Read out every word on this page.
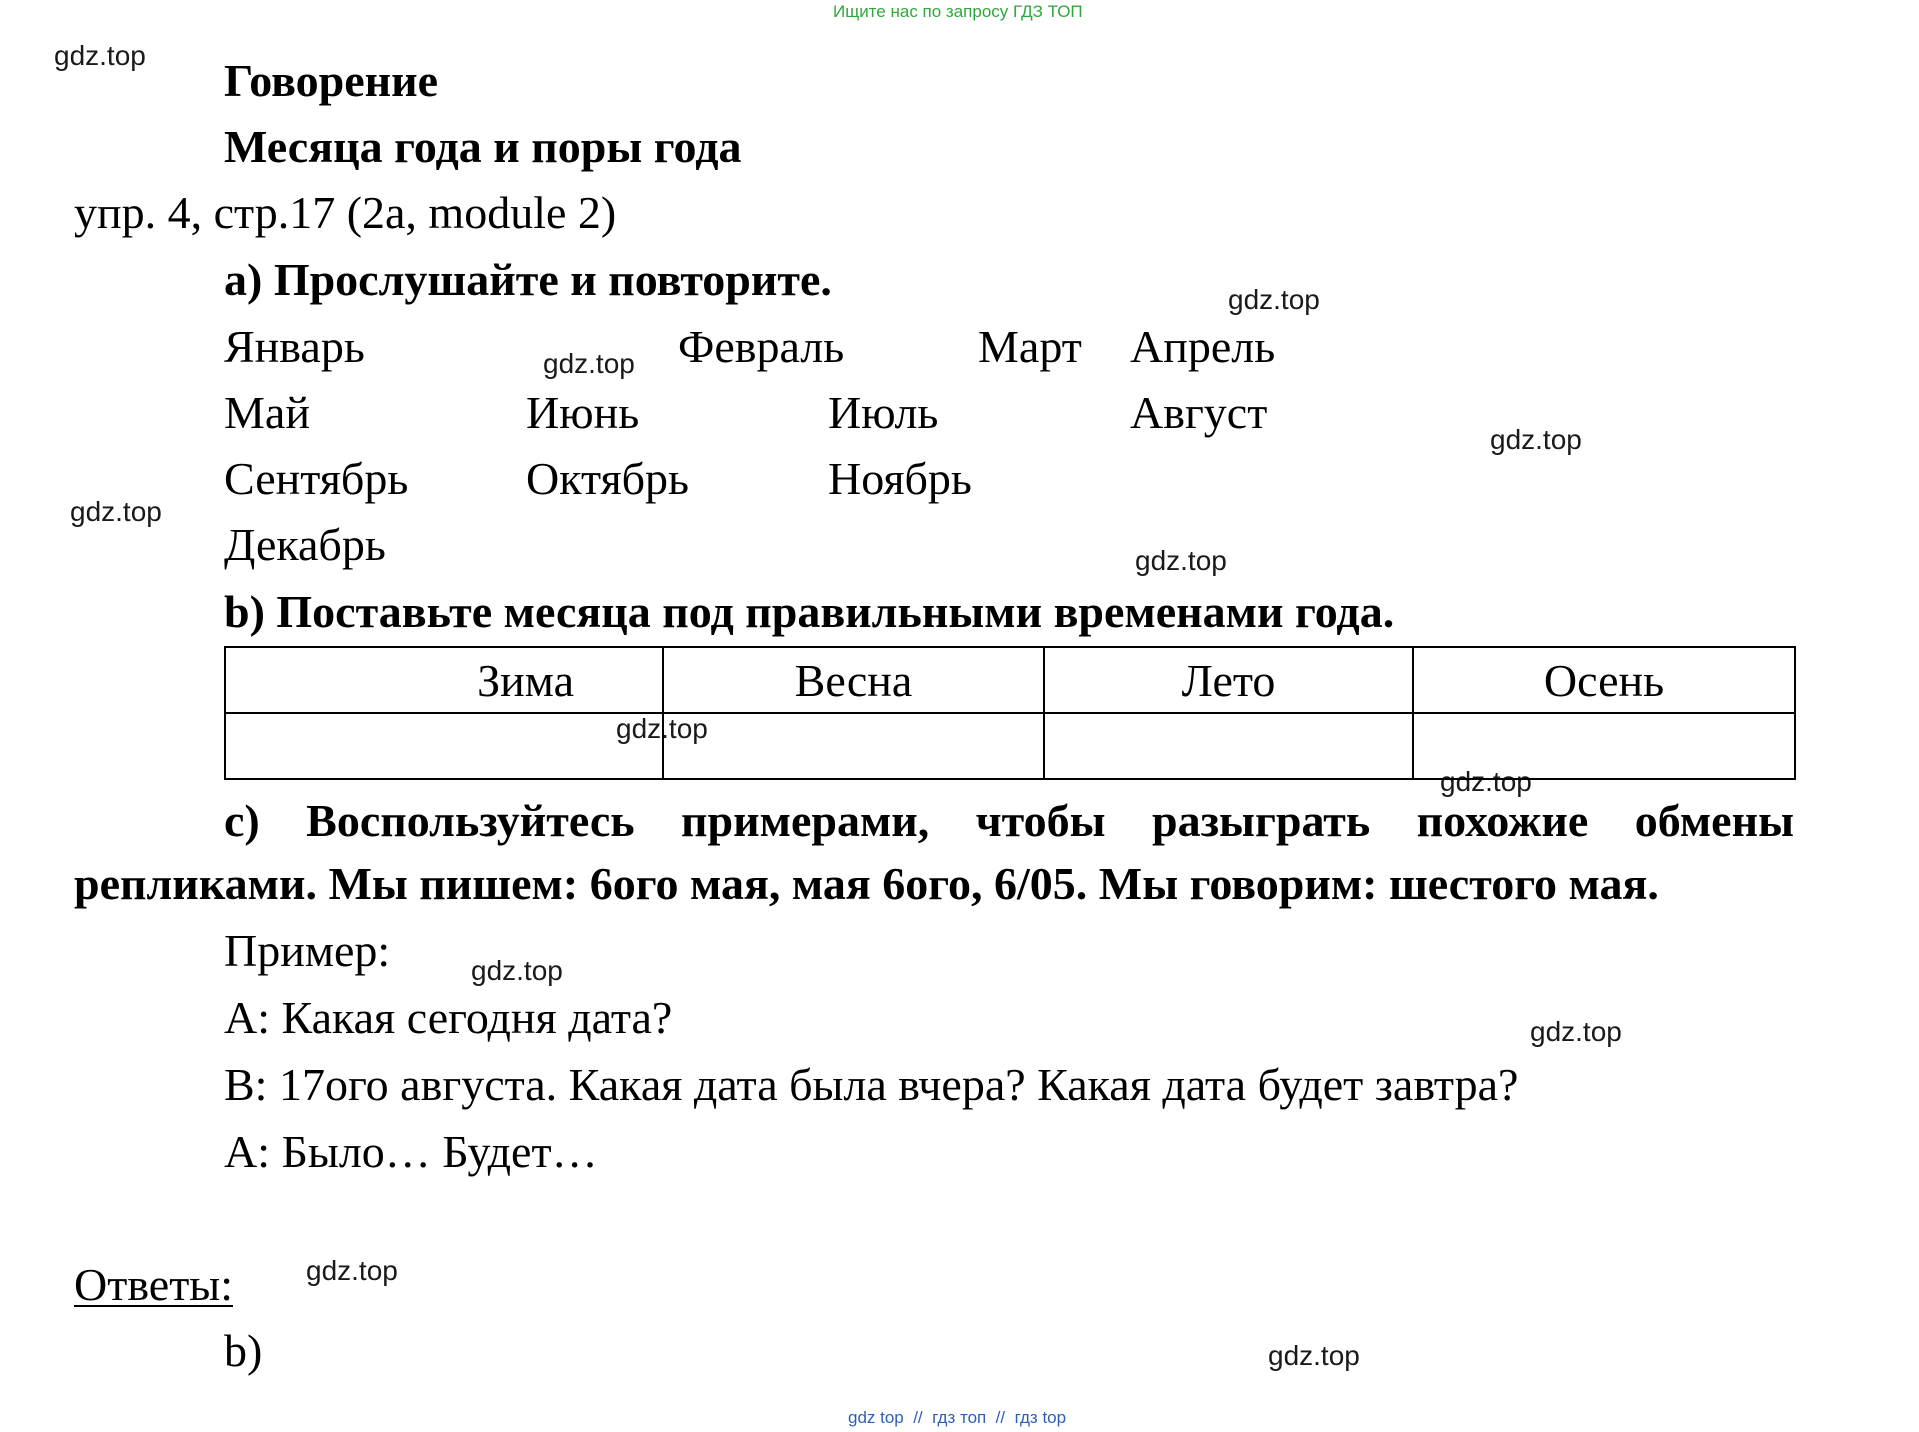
Ищите нас по запросу ГДЗ ТОП
gdz.top
gdz.top
gdz.top
gdz.top
gdz.top
gdz.top
gdz.top
gdz.top
gdz.top
gdz.top
gdz.top
gdz.top
Говорение
Месяца года и поры года
упр. 4, стр.17 (2a, module 2)
a) Прослушайте и повторите.
Январь	Февраль	Март Апрель
Май	Июнь	Июль	Август
Сентябрь	Октябрь	Ноябрь
Декабрь
b) Поставьте месяца под правильными временами года.
Зима	Весна	Лето	Осень

c) Воспользуйтесь примерами, чтобы разыграть похожие обмены
репликами. Мы пишем: 6ого мая, мая 6ого, 6/05. Мы говорим: шестого мая.
Пример:
A: Какая сегодня дата?
B: 17ого августа. Какая дата была вчера? Какая дата будет завтра?
A: Было… Будет…
Ответы:
b)
gdz top  //  гдз топ  //  гдз top
